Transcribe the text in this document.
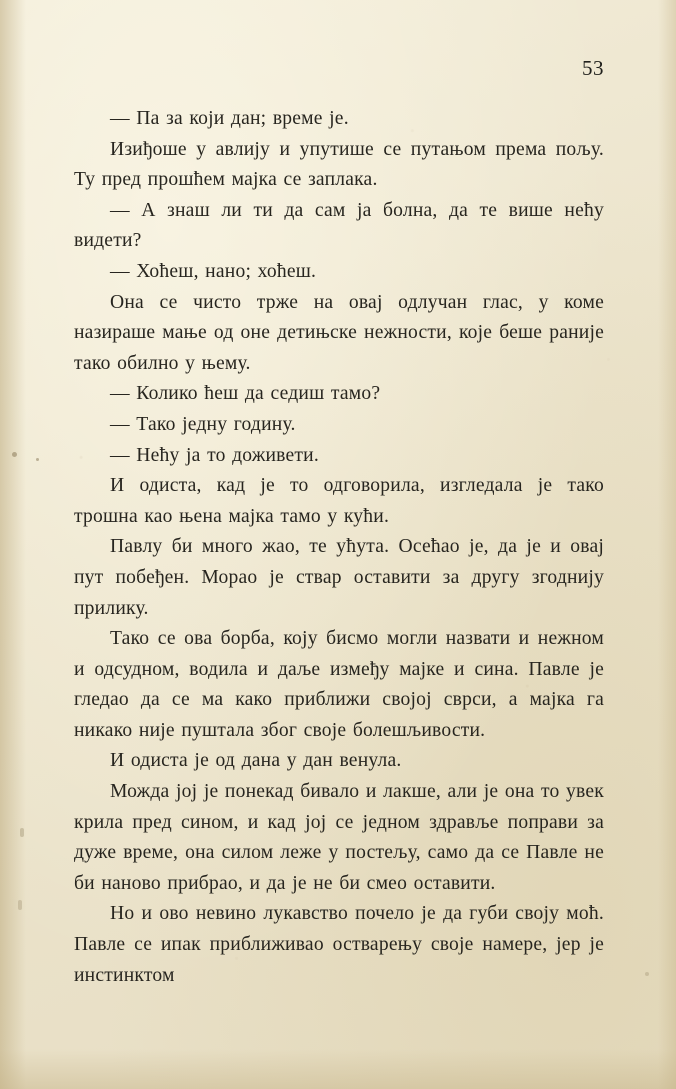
53

— Па за који дан; време је.

Изиђоше у авлију и упутише се путањом према пољу. Ту пред прошћем мајка се заплака.

— А знаш ли ти да сам ја болна, да те више нећу видети?

— Хоћеш, нано; хоћеш.

Она се чисто трже на овај одлучан глас, у коме назираше мање од оне детињске нежности, које беше раније тако обилно у њему.

— Колико ћеш да седиш тамо?

— Тако једну годину.

— Нећу ја то доживети.

И одиста, кад је то одговорила, изгледала је тако трошна као њена мајка тамо у кући.

Павлу би много жао, те ућута. Осећао је, да је и овај пут побеђен. Морао је ствар оставити за другу згоднију прилику.

Тако се ова борба, коју бисмо могли назвати и нежном и одсудном, водила и даље између мајке и сина. Павле је гледао да се ма како приближи својој сврси, а мајка га никако није пуштала због своје болешљивости.

И одиста је од дана у дан венула.

Можда јој је понекад бивало и лакше, али је она то увек крила пред сином, и кад јој се једном здравље поправи за дуже време, она силом леже у постељу, само да се Павле не би наново прибрао, и да је не би смео оставити.

Но и ово невино лукавство почело је да губи своју моћ. Павле се ипак приближивао остварењу своје намере, јер је инстинктом
